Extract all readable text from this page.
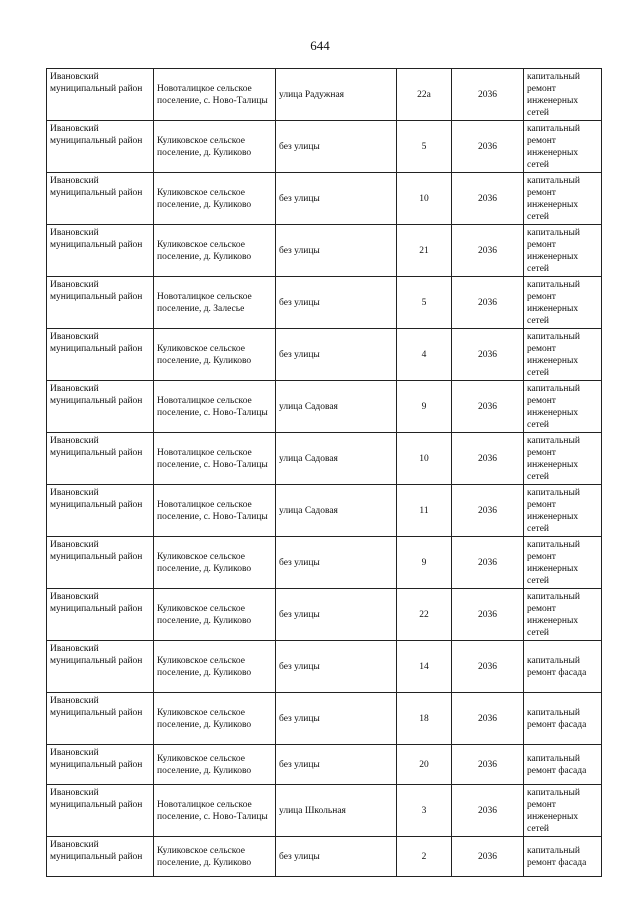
644
Ивановский муниципальный район	Новоталицкое сельское поселение, с. Ново-Талицы	улица Радужная	22а	2036	капитальный ремонт инженерных сетей
Ивановский муниципальный район	Куликовское сельское поселение, д. Куликово	без улицы	5	2036	капитальный ремонт инженерных сетей
Ивановский муниципальный район	Куликовское сельское поселение, д. Куликово	без улицы	10	2036	капитальный ремонт инженерных сетей
Ивановский муниципальный район	Куликовское сельское поселение, д. Куликово	без улицы	21	2036	капитальный ремонт инженерных сетей
Ивановский муниципальный район	Новоталицкое сельское поселение, д. Залесье	без улицы	5	2036	капитальный ремонт инженерных сетей
Ивановский муниципальный район	Куликовское сельское поселение, д. Куликово	без улицы	4	2036	капитальный ремонт инженерных сетей
Ивановский муниципальный район	Новоталицкое сельское поселение, с. Ново-Талицы	улица Садовая	9	2036	капитальный ремонт инженерных сетей
Ивановский муниципальный район	Новоталицкое сельское поселение, с. Ново-Талицы	улица Садовая	10	2036	капитальный ремонт инженерных сетей
Ивановский муниципальный район	Новоталицкое сельское поселение, с. Ново-Талицы	улица Садовая	11	2036	капитальный ремонт инженерных сетей
Ивановский муниципальный район	Куликовское сельское поселение, д. Куликово	без улицы	9	2036	капитальный ремонт инженерных сетей
Ивановский муниципальный район	Куликовское сельское поселение, д. Куликово	без улицы	22	2036	капитальный ремонт инженерных сетей
Ивановский муниципальный район	Куликовское сельское поселение, д. Куликово	без улицы	14	2036	капитальный ремонт фасада
Ивановский муниципальный район	Куликовское сельское поселение, д. Куликово	без улицы	18	2036	капитальный ремонт фасада
Ивановский муниципальный район	Куликовское сельское поселение, д. Куликово	без улицы	20	2036	капитальный ремонт фасада
Ивановский муниципальный район	Новоталицкое сельское поселение, с. Ново-Талицы	улица Школьная	3	2036	капитальный ремонт инженерных сетей
Ивановский муниципальный район	Куликовское сельское поселение, д. Куликово	без улицы	2	2036	капитальный ремонт фасада
